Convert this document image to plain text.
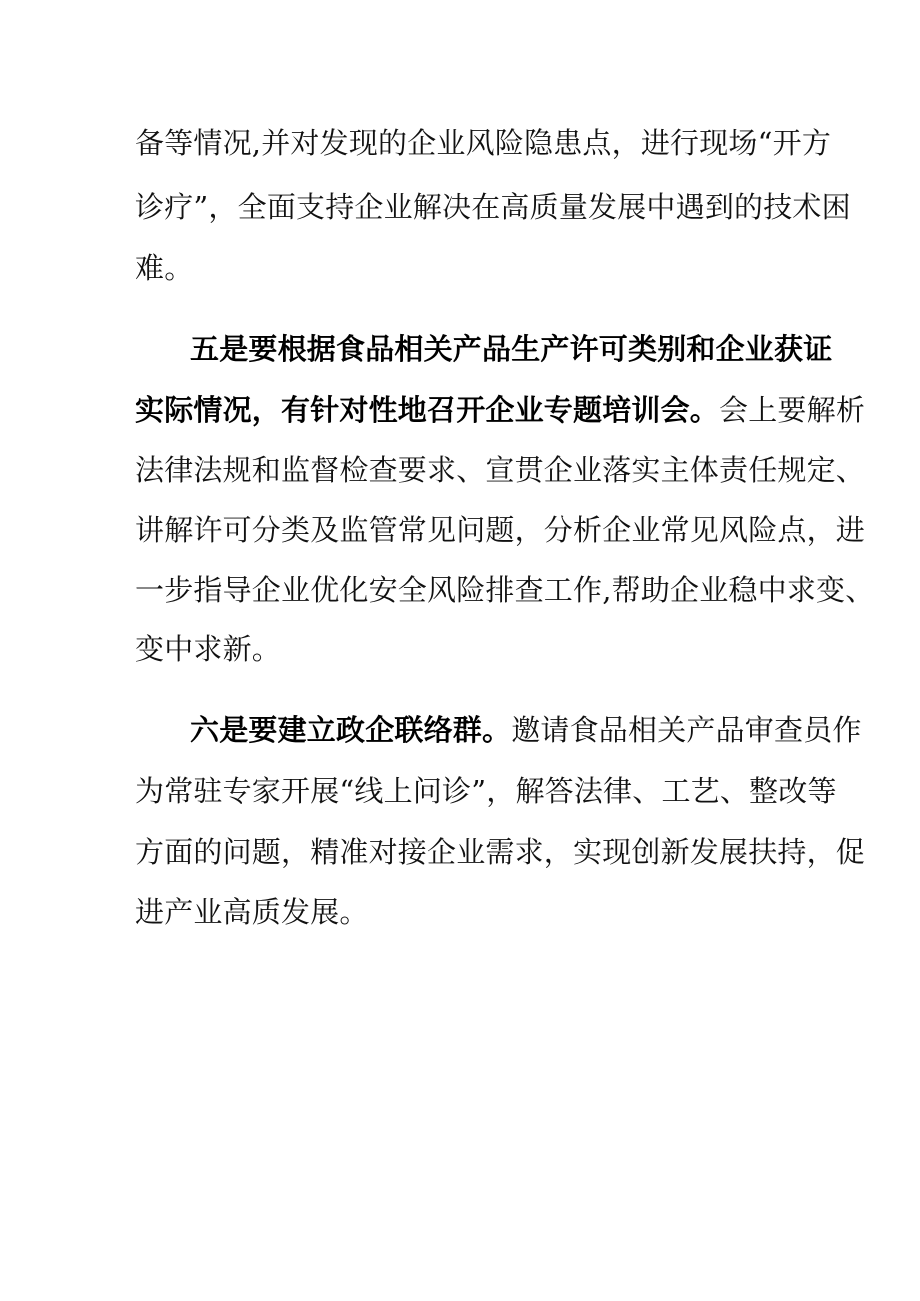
备等情况,并对发现的企业风险隐患点，进行现场“开方
诊疗”，全面支持企业解决在高质量发展中遇到的技术困
难。
五是要根据食品相关产品生产许可类别和企业获证
实际情况，有针对性地召开企业专题培训会。会上要解析
法律法规和监督检查要求、宣贯企业落实主体责任规定、
讲解许可分类及监管常见问题，分析企业常见风险点，进
一步指导企业优化安全风险排查工作,帮助企业稳中求变、
变中求新。
六是要建立政企联络群。邀请食品相关产品审查员作
为常驻专家开展“线上问诊”，解答法律、工艺、整改等
方面的问题，精准对接企业需求，实现创新发展扶持，促
进产业高质发展。
